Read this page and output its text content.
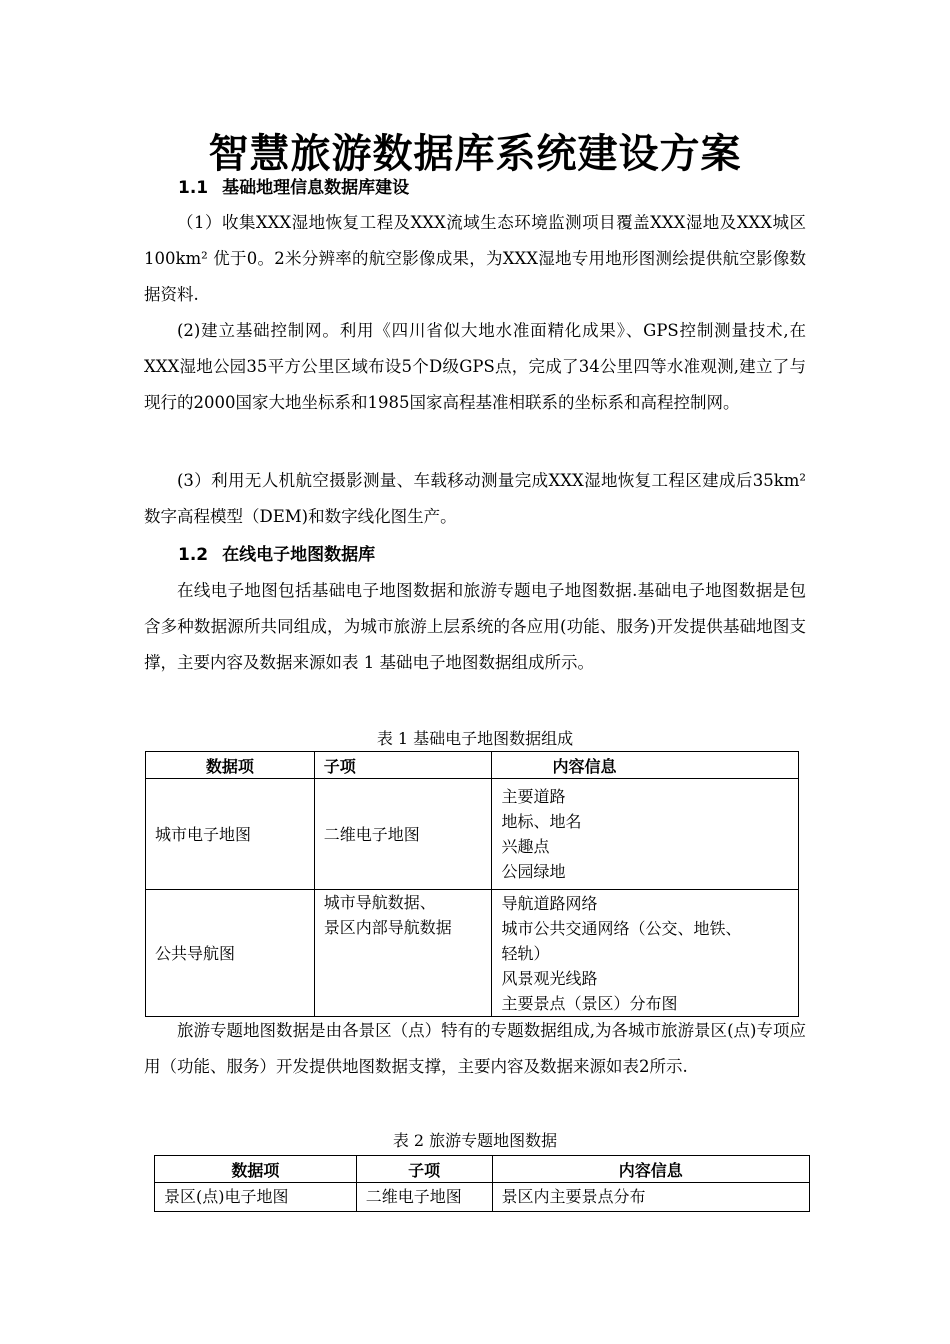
智慧旅游数据库系统建设方案
1.1 基础地理信息数据库建设
（1）收集XXX湿地恢复工程及XXX流域生态环境监测项目覆盖XXX湿地及XXX城区100km² 优于0。2米分辨率的航空影像成果，为XXX湿地专用地形图测绘提供航空影像数据资料.
(2)建立基础控制网。利用《四川省似大地水准面精化成果》、GPS控制测量技术,在XXX湿地公园35平方公里区域布设5个D级GPS点，完成了34公里四等水准观测,建立了与现行的2000国家大地坐标系和1985国家高程基准相联系的坐标系和高程控制网。
(3）利用无人机航空摄影测量、车载移动测量完成XXX湿地恢复工程区建成后35km² 数字高程模型（DEM)和数字线化图生产。
1.2 在线电子地图数据库
在线电子地图包括基础电子地图数据和旅游专题电子地图数据.基础电子地图数据是包含多种数据源所共同组成，为城市旅游上层系统的各应用(功能、服务)开发提供基础地图支撑，主要内容及数据来源如表 1 基础电子地图数据组成所示。
表 1 基础电子地图数据组成
数据项	子项	内容信息
城市电子地图	二维电子地图	主要道路
地标、地名
兴趣点
公园绿地

公共导航图	城市导航数据、
景区内部导航数据	导航道路网络
城市公共交通网络（公交、地铁、
轻轨）
风景观光线路
主要景点（景区）分布图
旅游专题地图数据是由各景区（点）特有的专题数据组成,为各城市旅游景区(点)专项应用（功能、服务）开发提供地图数据支撑，主要内容及数据来源如表2所示.
表 2 旅游专题地图数据
数据项	子项	内容信息
景区(点)电子地图	二维电子地图	景区内主要景点分布
